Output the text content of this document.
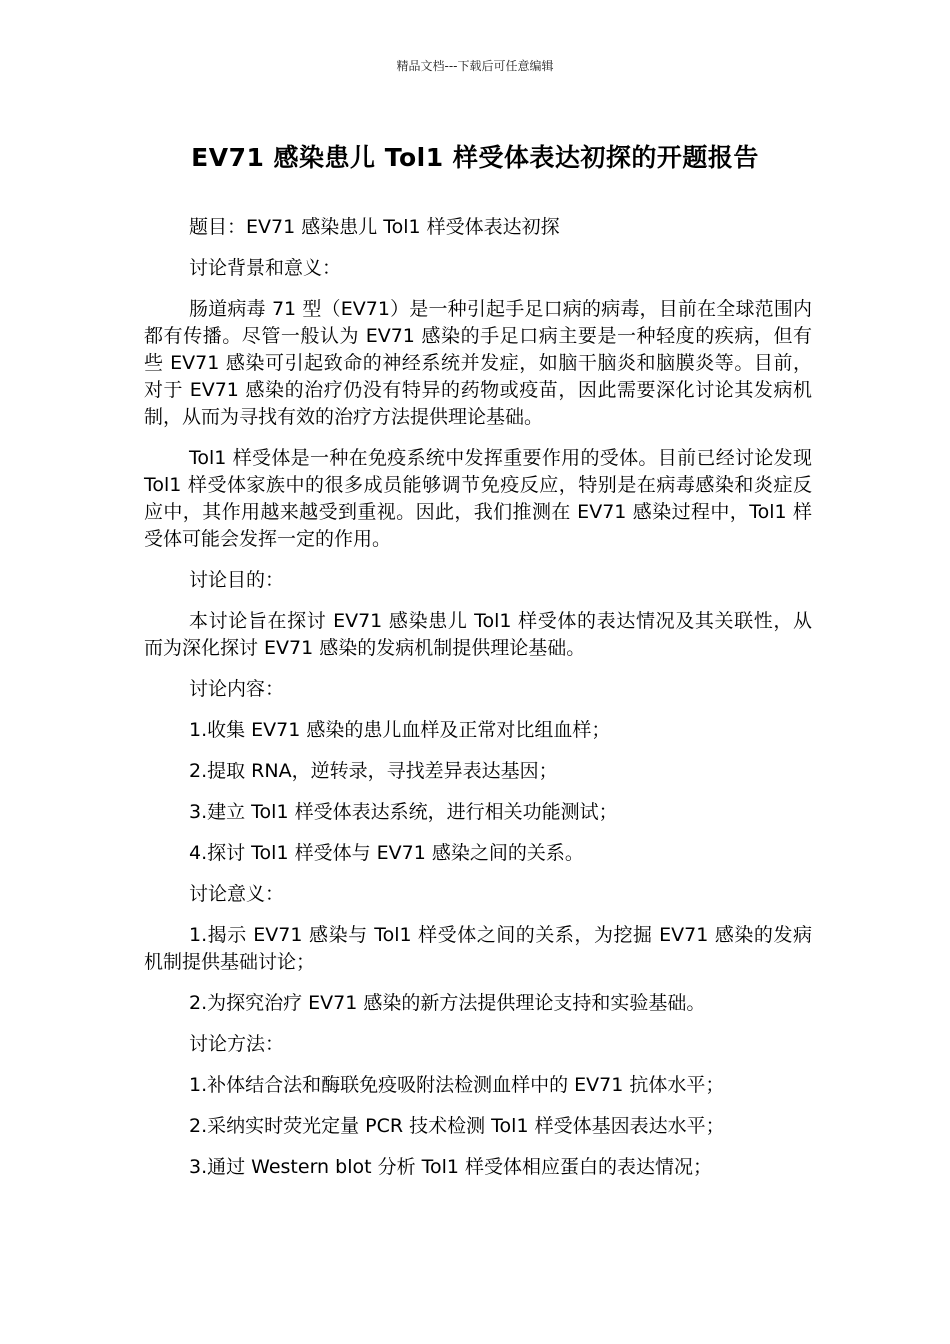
精品文档---下载后可任意编辑
EV71 感染患儿 Tol1 样受体表达初探的开题报告

题目：EV71 感染患儿 Tol1 样受体表达初探

讨论背景和意义：

肠道病毒 71 型（EV71）是一种引起手足口病的病毒，目前在全球范围内都有传播。尽管一般认为 EV71 感染的手足口病主要是一种轻度的疾病，但有些 EV71 感染可引起致命的神经系统并发症，如脑干脑炎和脑膜炎等。目前，对于 EV71 感染的治疗仍没有特异的药物或疫苗，因此需要深化讨论其发病机制，从而为寻找有效的治疗方法提供理论基础。

Tol1 样受体是一种在免疫系统中发挥重要作用的受体。目前已经讨论发现 Tol1 样受体家族中的很多成员能够调节免疫反应，特别是在病毒感染和炎症反应中，其作用越来越受到重视。因此，我们推测在 EV71 感染过程中，Tol1 样受体可能会发挥一定的作用。

讨论目的：

本讨论旨在探讨 EV71 感染患儿 Tol1 样受体的表达情况及其关联性，从而为深化探讨 EV71 感染的发病机制提供理论基础。

讨论内容：

1.收集 EV71 感染的患儿血样及正常对比组血样；

2.提取 RNA，逆转录，寻找差异表达基因；

3.建立 Tol1 样受体表达系统，进行相关功能测试；

4.探讨 Tol1 样受体与 EV71 感染之间的关系。

讨论意义：

1.揭示 EV71 感染与 Tol1 样受体之间的关系，为挖掘 EV71 感染的发病机制提供基础讨论；

2.为探究治疗 EV71 感染的新方法提供理论支持和实验基础。

讨论方法：

1.补体结合法和酶联免疫吸附法检测血样中的 EV71 抗体水平；

2.采纳实时荧光定量 PCR 技术检测 Tol1 样受体基因表达水平；

3.通过 Western blot 分析 Tol1 样受体相应蛋白的表达情况；
